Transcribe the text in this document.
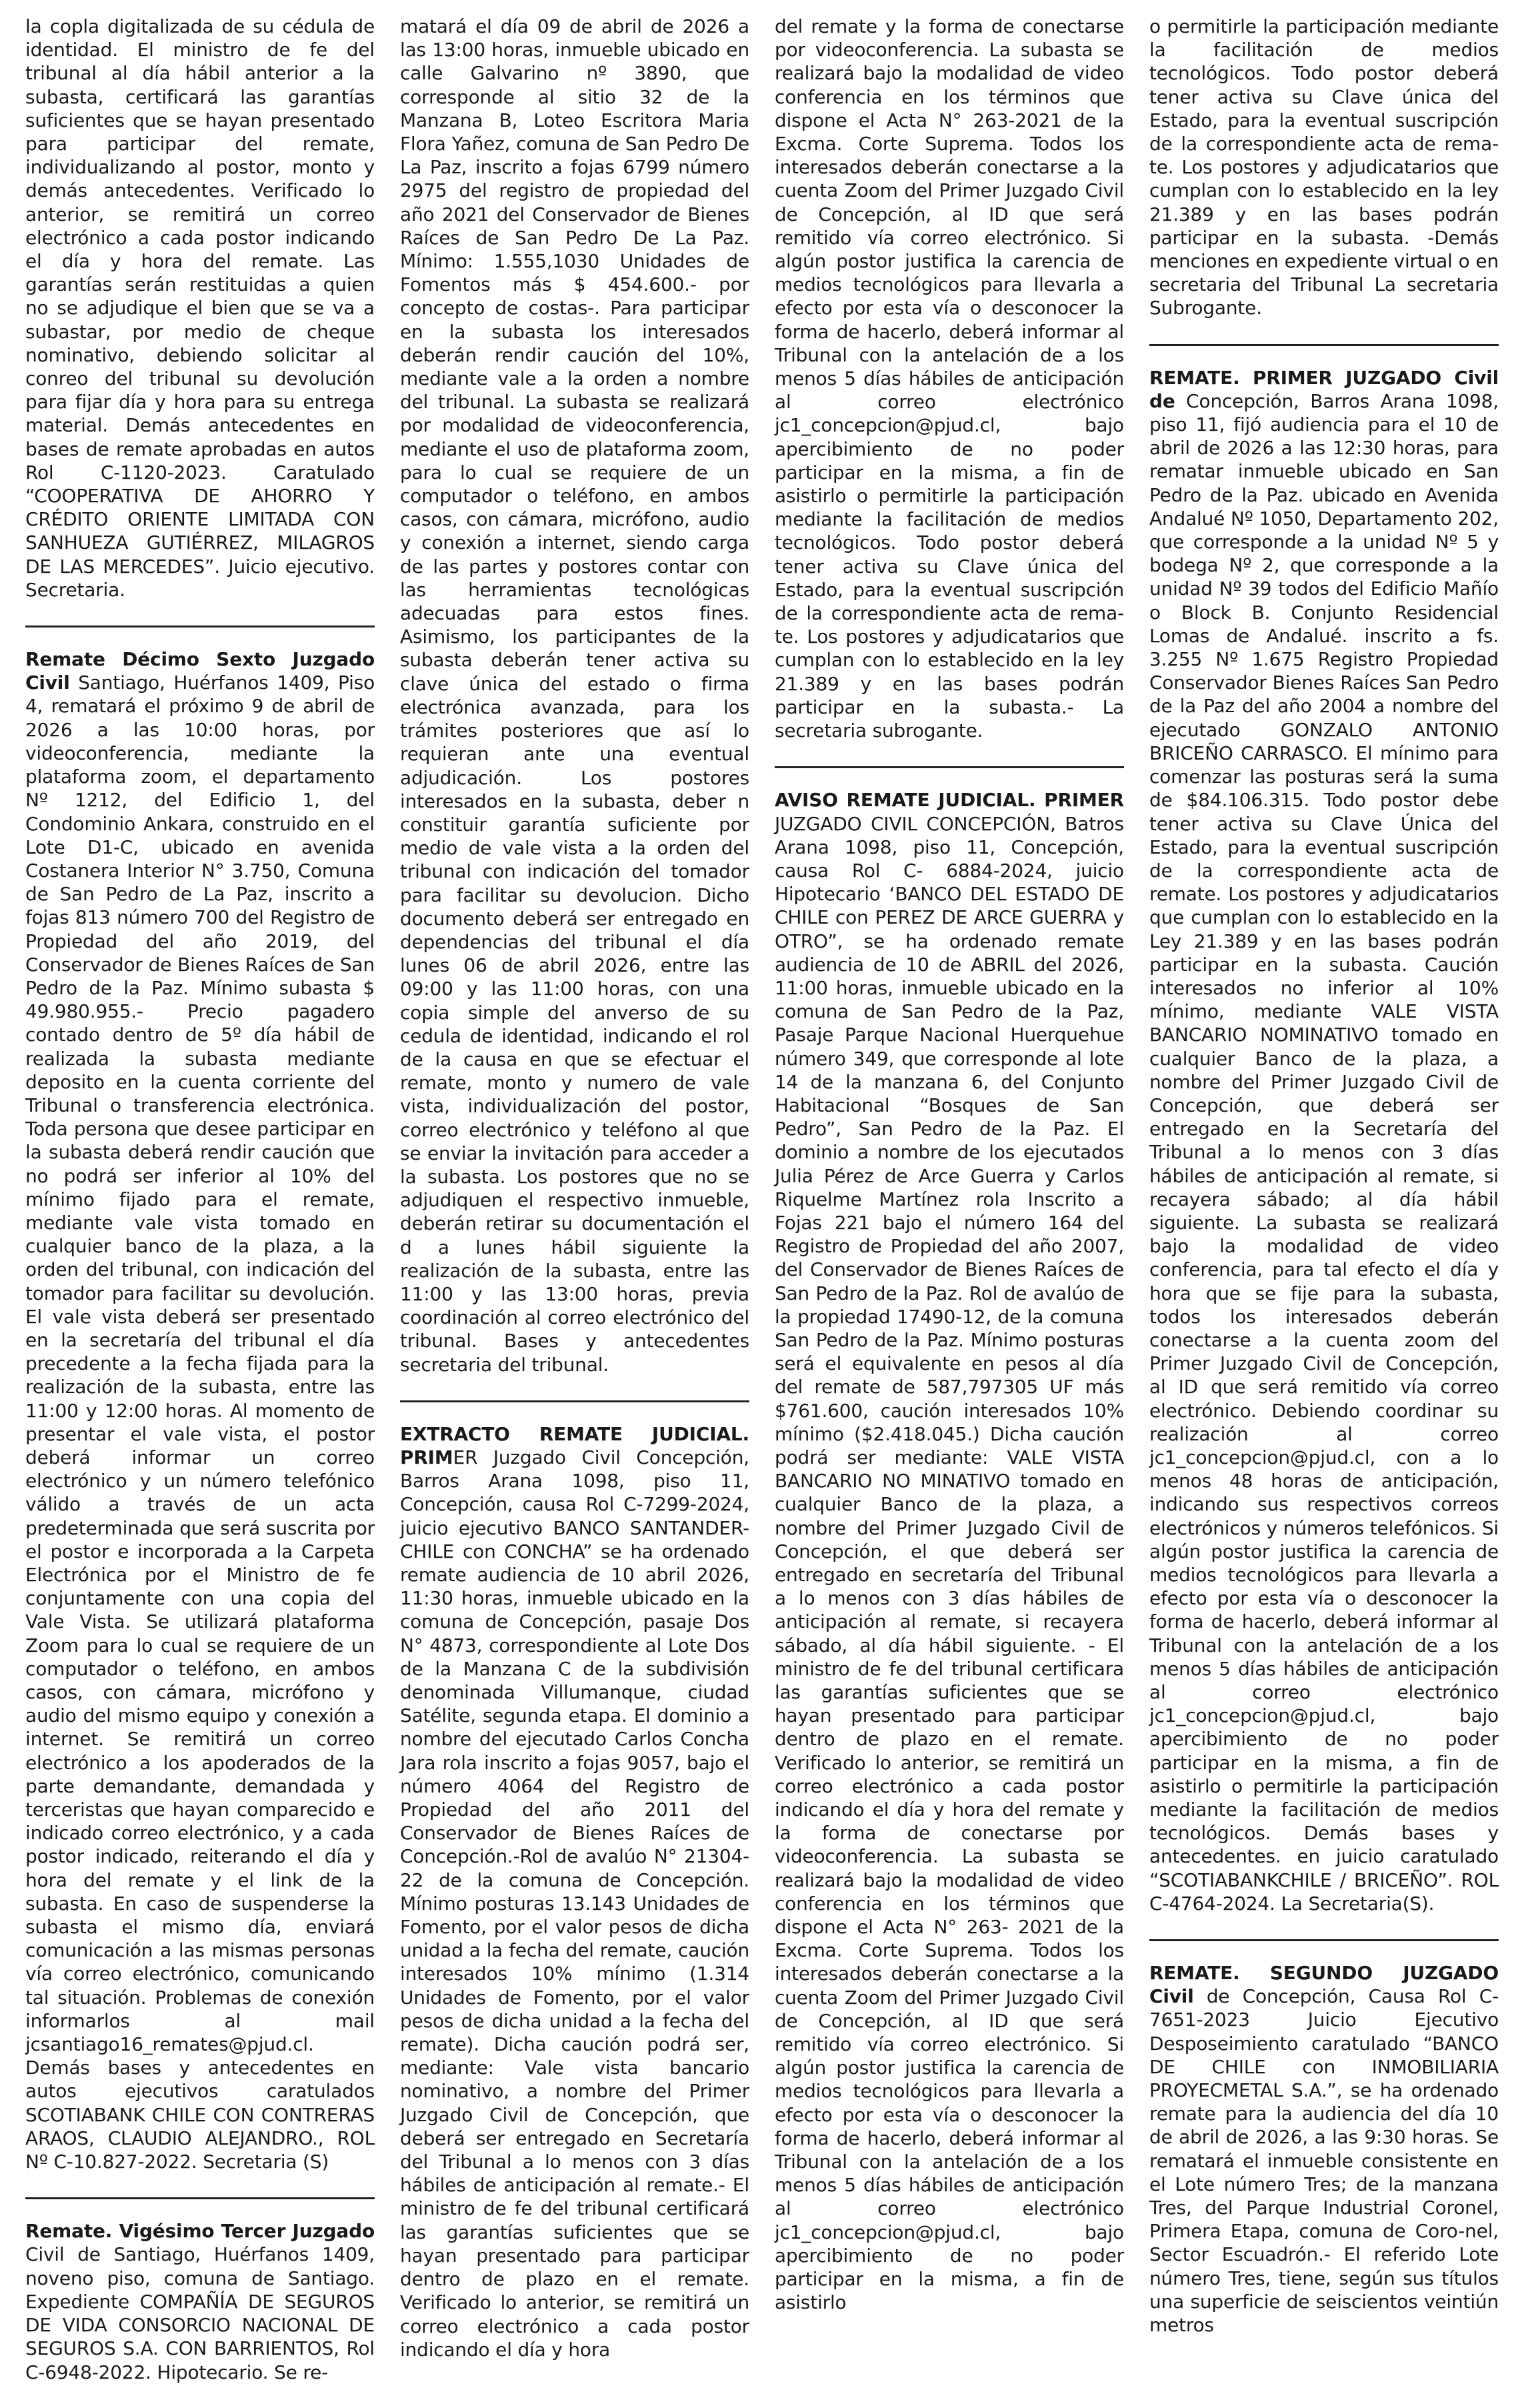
la copla digitalizada de su cédula de identidad. El ministro de fe del tribunal al día hábil anterior a la subasta, certificará las garantías suficientes que se hayan presentado para participar del remate, individualizando al postor, monto y demás antecedentes. Verificado lo anterior, se remitirá un correo electrónico a cada postor indicando el día y hora del remate. Las garantías serán restituidas a quien no se adjudique el bien que se va a subastar, por medio de cheque nominativo, debiendo solicitar al conreo del tribunal su devolución para fijar día y hora para su entrega material. Demás antecedentes en bases de remate aprobadas en autos Rol C-1120-2023. Caratulado “COOPERATIVA DE AHORRO Y CRÉDITO ORIENTE LIMITADA CON SANHUEZA GUTIÉRREZ, MILAGROS DE LAS MERCEDES”. Juicio ejecutivo. Secretaria.

Remate Décimo Sexto Juzgado Civil Santiago, Huérfanos 1409, Piso 4, rematará el próximo 9 de abril de 2026 a las 10:00 horas, por videoconferencia, mediante la plataforma zoom, el departamento Nº 1212, del Edificio 1, del Condominio Ankara, construido en el Lote D1-C, ubicado en avenida Costanera Interior N° 3.750, Comuna de San Pedro de La Paz, inscrito a fojas 813 número 700 del Registro de Propiedad del año 2019, del Conservador de Bienes Raíces de San Pedro de la Paz. Mínimo subasta $ 49.980.955.- Precio pagadero contado dentro de 5º día hábil de realizada la subasta mediante deposito en la cuenta corriente del Tribunal o transferencia electrónica. Toda persona que desee participar en la subasta deberá rendir caución que no podrá ser inferior al 10% del mínimo fijado para el remate, mediante vale vista tomado en cualquier banco de la plaza, a la orden del tribunal, con indicación del tomador para facilitar su devolución. El vale vista deberá ser presentado en la secretaría del tribunal el día precedente a la fecha fijada para la realización de la subasta, entre las 11:00 y 12:00 horas. Al momento de presentar el vale vista, el postor deberá informar un correo electrónico y un número telefónico válido a través de un acta predeterminada que será suscrita por el postor e incorporada a la Carpeta Electrónica por el Ministro de fe conjuntamente con una copia del Vale Vista. Se utilizará plataforma Zoom para lo cual se requiere de un computador o teléfono, en ambos casos, con cámara, micrófono y audio del mismo equipo y conexión a internet. Se remitirá un correo electrónico a los apoderados de la parte demandante, demandada y terceristas que hayan comparecido e indicado correo electrónico, y a cada postor indicado, reiterando el día y hora del remate y el link de la subasta. En caso de suspenderse la subasta el mismo día, enviará comunicación a las mismas personas vía correo electrónico, comunicando tal situación. Problemas de conexión informarlos al mail jcsantiago16_remates@pjud.cl. Demás bases y antecedentes en autos ejecutivos caratulados SCOTIABANK CHILE CON CONTRERAS ARAOS, CLAUDIO ALEJANDRO., ROL Nº C-10.827-2022. Secretaria (S)

Remate. Vigésimo Tercer Juzgado Civil de Santiago, Huérfanos 1409, noveno piso, comuna de Santiago. Expediente COMPAÑÍA DE SEGUROS DE VIDA CONSORCIO NACIONAL DE SEGUROS S.A. CON BARRIENTOS, Rol C-6948-2022. Hipotecario. Se re-

matará el día 09 de abril de 2026 a las 13:00 horas, inmueble ubicado en calle Galvarino nº 3890, que corresponde al sitio 32 de la Manzana B, Loteo Escritora Maria Flora Yañez, comuna de San Pedro De La Paz, inscrito a fojas 6799 número 2975 del registro de propiedad del año 2021 del Conservador de Bienes Raíces de San Pedro De La Paz. Mínimo: 1.555,1030 Unidades de Fomentos más $ 454.600.- por concepto de costas-. Para participar en la subasta los interesados deberán rendir caución del 10%, mediante vale a la orden a nombre del tribunal. La subasta se realizará por modalidad de videoconferencia, mediante el uso de plataforma zoom, para lo cual se requiere de un computador o teléfono, en ambos casos, con cámara, micrófono, audio y conexión a internet, siendo carga de las partes y postores contar con las herramientas tecnológicas adecuadas para estos fines. Asimismo, los participantes de la subasta deberán tener activa su clave única del estado o firma electrónica avanzada, para los trámites posteriores que así lo requieran ante una eventual adjudicación. Los postores interesados en la subasta, deber n constituir garantía suficiente por medio de vale vista a la orden del tribunal con indicación del tomador para facilitar su devolucion. Dicho documento deberá ser entregado en dependencias del tribunal el día lunes 06 de abril 2026, entre las 09:00 y las 11:00 horas, con una copia simple del anverso de su cedula de identidad, indicando el rol de la causa en que se efectuar el remate, monto y numero de vale vista, individualización del postor, correo electrónico y teléfono al que se enviar la invitación para acceder a la subasta. Los postores que no se adjudiquen el respectivo inmueble, deberán retirar su documentación el d a lunes hábil siguiente la realización de la subasta, entre las 11:00 y las 13:00 horas, previa coordinación al correo electrónico del tribunal. Bases y antecedentes secretaria del tribunal.

EXTRACTO REMATE JUDICIAL. PRIMER Juzgado Civil Concepción, Barros Arana 1098, piso 11, Concepción, causa Rol C-7299-2024, juicio ejecutivo BANCO SANTANDER-CHILE con CONCHA” se ha ordenado remate audiencia de 10 abril 2026, 11:30 horas, inmueble ubicado en la comuna de Concepción, pasaje Dos N° 4873, correspondiente al Lote Dos de la Manzana C de la subdivisión denominada Villumanque, ciudad Satélite, segunda etapa. El dominio a nombre del ejecutado Carlos Concha Jara rola inscrito a fojas 9057, bajo el número 4064 del Registro de Propiedad del año 2011 del Conservador de Bienes Raíces de Concepción.-Rol de avalúo N° 21304-22 de la comuna de Concepción. Mínimo posturas 13.143 Unidades de Fomento, por el valor pesos de dicha unidad a la fecha del remate, caución interesados 10% mínimo (1.314 Unidades de Fomento, por el valor pesos de dicha unidad a la fecha del remate). Dicha caución podrá ser, mediante: Vale vista bancario nominativo, a nombre del Primer Juzgado Civil de Concepción, que deberá ser entregado en Secretaría del Tribunal a lo menos con 3 días hábiles de anticipación al remate.- El ministro de fe del tribunal certificará las garantías suficientes que se hayan presentado para participar dentro de plazo en el remate. Verificado lo anterior, se remitirá un correo electrónico a cada postor indicando el día y hora

del remate y la forma de conectarse por videoconferencia. La subasta se realizará bajo la modalidad de video conferencia en los términos que dispone el Acta N° 263-2021 de la Excma. Corte Suprema. Todos los interesados deberán conectarse a la cuenta Zoom del Primer Juzgado Civil de Concepción, al ID que será remitido vía correo electrónico. Si algún postor justifica la carencia de medios tecnológicos para llevarla a efecto por esta vía o desconocer la forma de hacerlo, deberá informar al Tribunal con la antelación de a los menos 5 días hábiles de anticipación al correo electrónico jc1_concepcion@pjud.cl, bajo apercibimiento de no poder participar en la misma, a fin de asistirlo o permitirle la participación mediante la facilitación de medios tecnológicos. Todo postor deberá tener activa su Clave única del Estado, para la eventual suscripción de la correspondiente acta de rema-te. Los postores y adjudicatarios que cumplan con lo establecido en la ley 21.389 y en las bases podrán participar en la subasta.- La secretaria subrogante.

AVISO REMATE JUDICIAL. PRIMER JUZGADO CIVIL CONCEPCIÓN, Batros Arana 1098, piso 11, Concepción, causa Rol C- 6884-2024, juicio Hipotecario ‘BANCO DEL ESTADO DE CHILE con PEREZ DE ARCE GUERRA y OTRO”, se ha ordenado remate audiencia de 10 de ABRIL del 2026, 11:00 horas, inmueble ubicado en la comuna de San Pedro de la Paz, Pasaje Parque Nacional Huerquehue número 349, que corresponde al lote 14 de la manzana 6, del Conjunto Habitacional “Bosques de San Pedro”, San Pedro de la Paz. El dominio a nombre de los ejecutados Julia Pérez de Arce Guerra y Carlos Riquelme Martínez rola Inscrito a Fojas 221 bajo el número 164 del Registro de Propiedad del año 2007, del Conservador de Bienes Raíces de San Pedro de la Paz. Rol de avalúo de la propiedad 17490-12, de la comuna San Pedro de la Paz. Mínimo posturas será el equivalente en pesos al día del remate de 587,797305 UF más $761.600, caución interesados 10% mínimo ($2.418.045.) Dicha caución podrá ser mediante: VALE VISTA BANCARIO NO MINATIVO tomado en cualquier Banco de la plaza, a nombre del Primer Juzgado Civil de Concepción, el que deberá ser entregado en secretaría del Tribunal a lo menos con 3 días hábiles de anticipación al remate, si recayera sábado, al día hábil siguiente. - El ministro de fe del tribunal certificara las garantías suficientes que se hayan presentado para participar dentro de plazo en el remate. Verificado lo anterior, se remitirá un correo electrónico a cada postor indicando el día y hora del remate y la forma de conectarse por videoconferencia. La subasta se realizará bajo la modalidad de video conferencia en los términos que dispone el Acta N° 263- 2021 de la Excma. Corte Suprema. Todos los interesados deberán conectarse a la cuenta Zoom del Primer Juzgado Civil de Concepción, al ID que será remitido vía correo electrónico. Si algún postor justifica la carencia de medios tecnológicos para llevarla a efecto por esta vía o desconocer la forma de hacerlo, deberá informar al Tribunal con la antelación de a los menos 5 días hábiles de anticipación al correo electrónico jc1_concepcion@pjud.cl, bajo apercibimiento de no poder participar en la misma, a fin de asistirlo

o permitirle la participación mediante la facilitación de medios tecnológicos. Todo postor deberá tener activa su Clave única del Estado, para la eventual suscripción de la correspondiente acta de rema-te. Los postores y adjudicatarios que cumplan con lo establecido en la ley 21.389 y en las bases podrán participar en la subasta. -Demás menciones en expediente virtual o en secretaria del Tribunal La secretaria Subrogante.

REMATE. PRIMER JUZGADO Civil de Concepción, Barros Arana 1098, piso 11, fijó audiencia para el 10 de abril de 2026 a las 12:30 horas, para rematar inmueble ubicado en San Pedro de la Paz. ubicado en Avenida Andalué Nº 1050, Departamento 202, que corresponde a la unidad Nº 5 y bodega Nº 2, que corresponde a la unidad Nº 39 todos del Edificio Mañío o Block B. Conjunto Residencial Lomas de Andalué. inscrito a fs. 3.255 Nº 1.675 Registro Propiedad Conservador Bienes Raíces San Pedro de la Paz del año 2004 a nombre del ejecutado GONZALO ANTONIO BRICEÑO CARRASCO. El mínimo para comenzar las posturas será la suma de $84.106.315. Todo postor debe tener activa su Clave Única del Estado, para la eventual suscripción de la correspondiente acta de remate. Los postores y adjudicatarios que cumplan con lo establecido en la Ley 21.389 y en las bases podrán participar en la subasta. Caución interesados no inferior al 10% mínimo, mediante VALE VISTA BANCARIO NOMINATIVO tomado en cualquier Banco de la plaza, a nombre del Primer Juzgado Civil de Concepción, que deberá ser entregado en la Secretaría del Tribunal a lo menos con 3 días hábiles de anticipación al remate, si recayera sábado; al día hábil siguiente. La subasta se realizará bajo la modalidad de video conferencia, para tal efecto el día y hora que se fije para la subasta, todos los interesados deberán conectarse a la cuenta zoom del Primer Juzgado Civil de Concepción, al ID que será remitido vía correo electrónico. Debiendo coordinar su realización al correo jc1_concepcion@pjud.cl, con a lo menos 48 horas de anticipación, indicando sus respectivos correos electrónicos y números telefónicos. Si algún postor justifica la carencia de medios tecnológicos para llevarla a efecto por esta vía o desconocer la forma de hacerlo, deberá informar al Tribunal con la antelación de a los menos 5 días hábiles de anticipación al correo electrónico jc1_concepcion@pjud.cl, bajo apercibimiento de no poder participar en la misma, a fin de asistirlo o permitirle la participación mediante la facilitación de medios tecnológicos. Demás bases y antecedentes. en juicio caratulado “SCOTIABANKCHILE / BRICEÑO”. ROL C-4764-2024. La Secretaria(S).

REMATE. SEGUNDO JUZGADO Civil de Concepción, Causa Rol C-7651-2023 Juicio Ejecutivo Desposeimiento caratulado “BANCO DE CHILE con INMOBILIARIA PROYECMETAL S.A.”, se ha ordenado remate para la audiencia del día 10 de abril de 2026, a las 9:30 horas. Se rematará el inmueble consistente en el Lote número Tres; de la manzana Tres, del Parque Industrial Coronel, Primera Etapa, comuna de Coro-nel, Sector Escuadrón.- El referido Lote número Tres, tiene, según sus títulos una superficie de seiscientos veintiún metros
